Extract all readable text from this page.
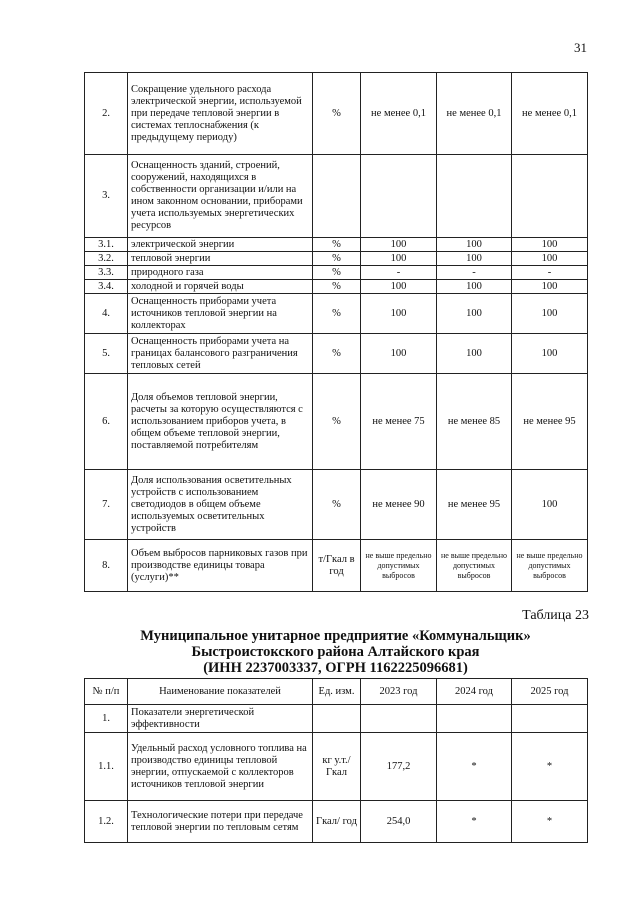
31
2.	Сокращение удельного расхода электрической энергии, используемой при передаче тепловой энергии в системах теплоснабжения (к предыдущему периоду)	%	не менее 0,1	не менее 0,1	не менее 0,1
3.	Оснащенность зданий, строений, сооружений, находящихся в собственности организации и/или на ином законном основании, приборами учета используемых энергетических ресурсов				
3.1.	электрической энергии	%	100	100	100
3.2.	тепловой энергии	%	100	100	100
3.3.	природного газа	%	-	-	-
3.4.	холодной и горячей воды	%	100	100	100
4.	Оснащенность приборами учета источников тепловой энергии на коллекторах	%	100	100	100
5.	Оснащенность приборами учета на границах балансового разграничения тепловых сетей	%	100	100	100
6.	Доля объемов тепловой энергии, расчеты за которую осуществляются с использованием приборов учета, в общем объеме тепловой энергии, поставляемой потребителям	%	не менее 75	не менее 85	не менее 95
7.	Доля использования осветительных устройств с использованием светодиодов в общем объеме используемых осветительных устройств	%	не менее 90	не менее 95	100
8.	Объем выбросов парниковых газов при производстве единицы товара (услуги)**	т/Гкал в год	не выше предельно допустимых выбросов	не выше предельно допустимых выбросов	не выше предельно допустимых выбросов
Таблица 23
Муниципальное унитарное предприятие «Коммунальщик»
Быстроистокского района Алтайского края
(ИНН 2237003337, ОГРН 1162225096681)
№ п/п	Наименование показателей	Ед. изм.	2023 год	2024 год	2025 год
1.	Показатели энергетической эффективности				
1.1.	Удельный расход условного топлива на производство единицы тепловой энергии, отпускаемой с коллекторов источников тепловой энергии	кг у.т./ Гкал	177,2	*	*
1.2.	Технологические потери при передаче тепловой энергии по тепловым сетям	Гкал/ год	254,0	*	*
